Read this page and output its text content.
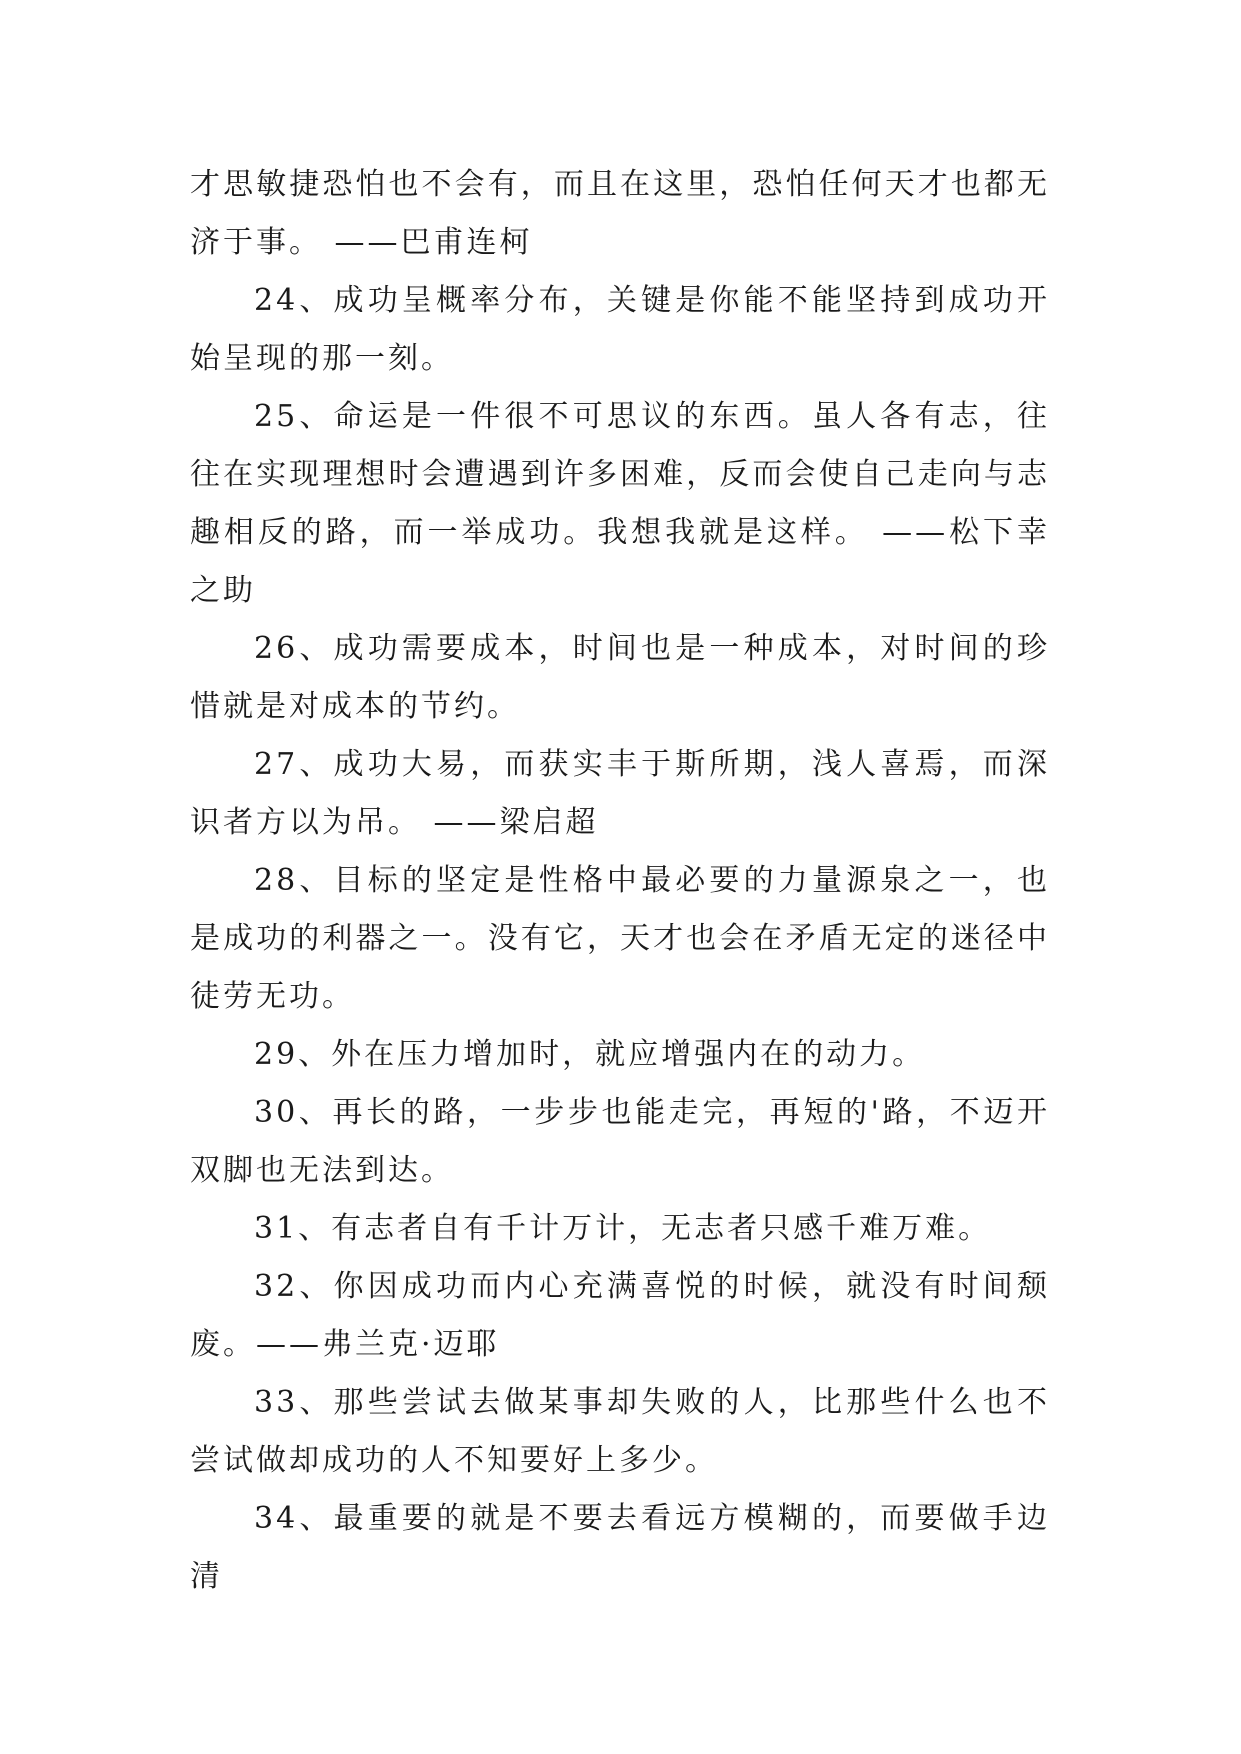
才思敏捷恐怕也不会有，而且在这里，恐怕任何天才也都无济于事。 ——巴甫连柯

24、成功呈概率分布，关键是你能不能坚持到成功开始呈现的那一刻。

25、命运是一件很不可思议的东西。虽人各有志，往往在实现理想时会遭遇到许多困难，反而会使自己走向与志趣相反的路，而一举成功。我想我就是这样。 ——松下幸之助

26、成功需要成本，时间也是一种成本，对时间的珍惜就是对成本的节约。

27、成功大易，而获实丰于斯所期，浅人喜焉，而深识者方以为吊。 ——梁启超

28、目标的坚定是性格中最必要的力量源泉之一，也是成功的利器之一。没有它，天才也会在矛盾无定的迷径中徒劳无功。

29、外在压力增加时，就应增强内在的动力。

30、再长的路，一步步也能走完，再短的'路，不迈开双脚也无法到达。

31、有志者自有千计万计，无志者只感千难万难。

32、你因成功而内心充满喜悦的时候，就没有时间颓废。——弗兰克·迈耶

33、那些尝试去做某事却失败的人，比那些什么也不尝试做却成功的人不知要好上多少。

34、最重要的就是不要去看远方模糊的，而要做手边清
